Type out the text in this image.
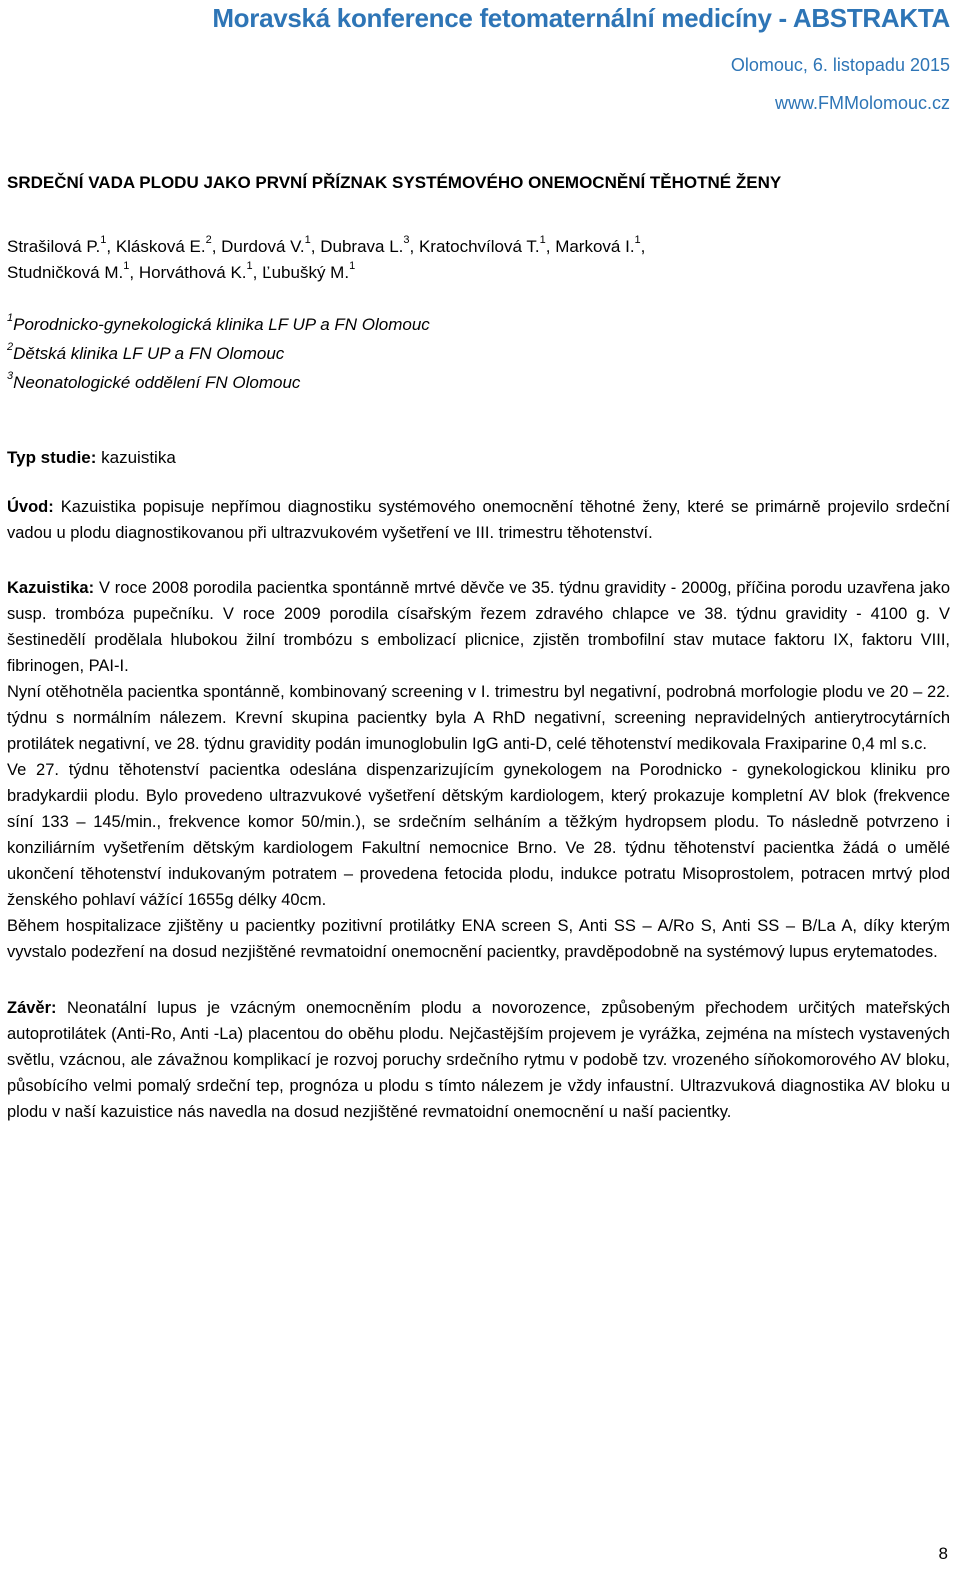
Moravská konference fetomaternální medicíny - ABSTRAKTA
Olomouc, 6. listopadu 2015
www.FMMolomouc.cz
SRDEČNÍ VADA PLODU JAKO PRVNÍ PŘÍZNAK SYSTÉMOVÉHO ONEMOCNĚNÍ TĚHOTNÉ ŽENY
Strašilová P.$^1$, Klásková E.$^2$, Durdová V.$^1$, Dubrava L.$^3$, Kratochvílová T.$^1$, Marková I.$^1$,
Studničková M.$^1$, Horváthová K.$^1$, Ľubušký M.$^1$
$^1$Porodnicko-gynekologická klinika LF UP a FN Olomouc
$^2$Dětská klinika LF UP a FN Olomouc
$^3$Neonatologické oddělení FN Olomouc
Typ studie: kazuistika
Úvod: Kazuistika popisuje nepřímou diagnostiku systémového onemocnění těhotné ženy, které se primárně projevilo srdeční vadou u plodu diagnostikovanou při ultrazvukovém vyšetření ve III. trimestru těhotenství.
Kazuistika: V roce 2008 porodila pacientka spontánně mrtvé děvče ve 35. týdnu gravidity - 2000g, příčina porodu uzavřena jako susp. trombóza pupečníku. V roce 2009 porodila císařským řezem zdravého chlapce ve 38. týdnu gravidity - 4100 g. V šestinedělí prodělala hlubokou žilní trombózu s embolizací plicnice, zjistěn trombofilní stav mutace faktoru IX, faktoru VIII, fibrinogen, PAI-I.
Nyní otěhotněla pacientka spontánně, kombinovaný screening v I. trimestru byl negativní, podrobná morfologie plodu ve 20 – 22. týdnu s normálním nálezem. Krevní skupina pacientky byla A RhD negativní, screening nepravidelných antierytrocytárních protilátek negativní, ve 28. týdnu gravidity podán imunoglobulin IgG anti-D, celé těhotenství medikovala Fraxiparine 0,4 ml s.c.
Ve 27. týdnu těhotenství pacientka odeslána dispenzarizujícím gynekologem na Porodnicko - gynekologickou kliniku pro bradykardii plodu. Bylo provedeno ultrazvukové vyšetření dětským kardiologem, který prokazuje kompletní AV blok (frekvence síní 133 – 145/min., frekvence komor 50/min.), se srdečním selháním a těžkým hydropsem plodu. To následně potvrzeno i konziliárním vyšetřením dětským kardiologem Fakultní nemocnice Brno. Ve 28. týdnu těhotenství pacientka žádá o umělé ukončení těhotenství indukovaným potratem – provedena fetocida plodu, indukce potratu Misoprostolem, potracen mrtvý plod ženského pohlaví vážící 1655g délky 40cm.
Během hospitalizace zjištěny u pacientky pozitivní protilátky ENA screen S, Anti SS – A/Ro S, Anti SS – B/La A, díky kterým vyvstalo podezření na dosud nezjištěné revmatoidní onemocnění pacientky, pravděpodobně na systémový lupus erytematodes.
Závěr: Neonatální lupus je vzácným onemocněním plodu a novorozence, způsobeným přechodem určitých mateřských autoprotilátek (Anti-Ro, Anti -La) placentou do oběhu plodu. Nejčastějším projevem je vyrážka, zejména na místech vystavených světlu, vzácnou, ale závažnou komplikací je rozvoj poruchy srdečního rytmu v podobě tzv. vrozeného síňokomorového AV bloku, působícího velmi pomalý srdeční tep, prognóza u plodu s tímto nálezem je vždy infaustní. Ultrazvuková diagnostika AV bloku u plodu v naší kazuistice nás navedla na dosud nezjištěné revmatoidní onemocnění u naší pacientky.
8
